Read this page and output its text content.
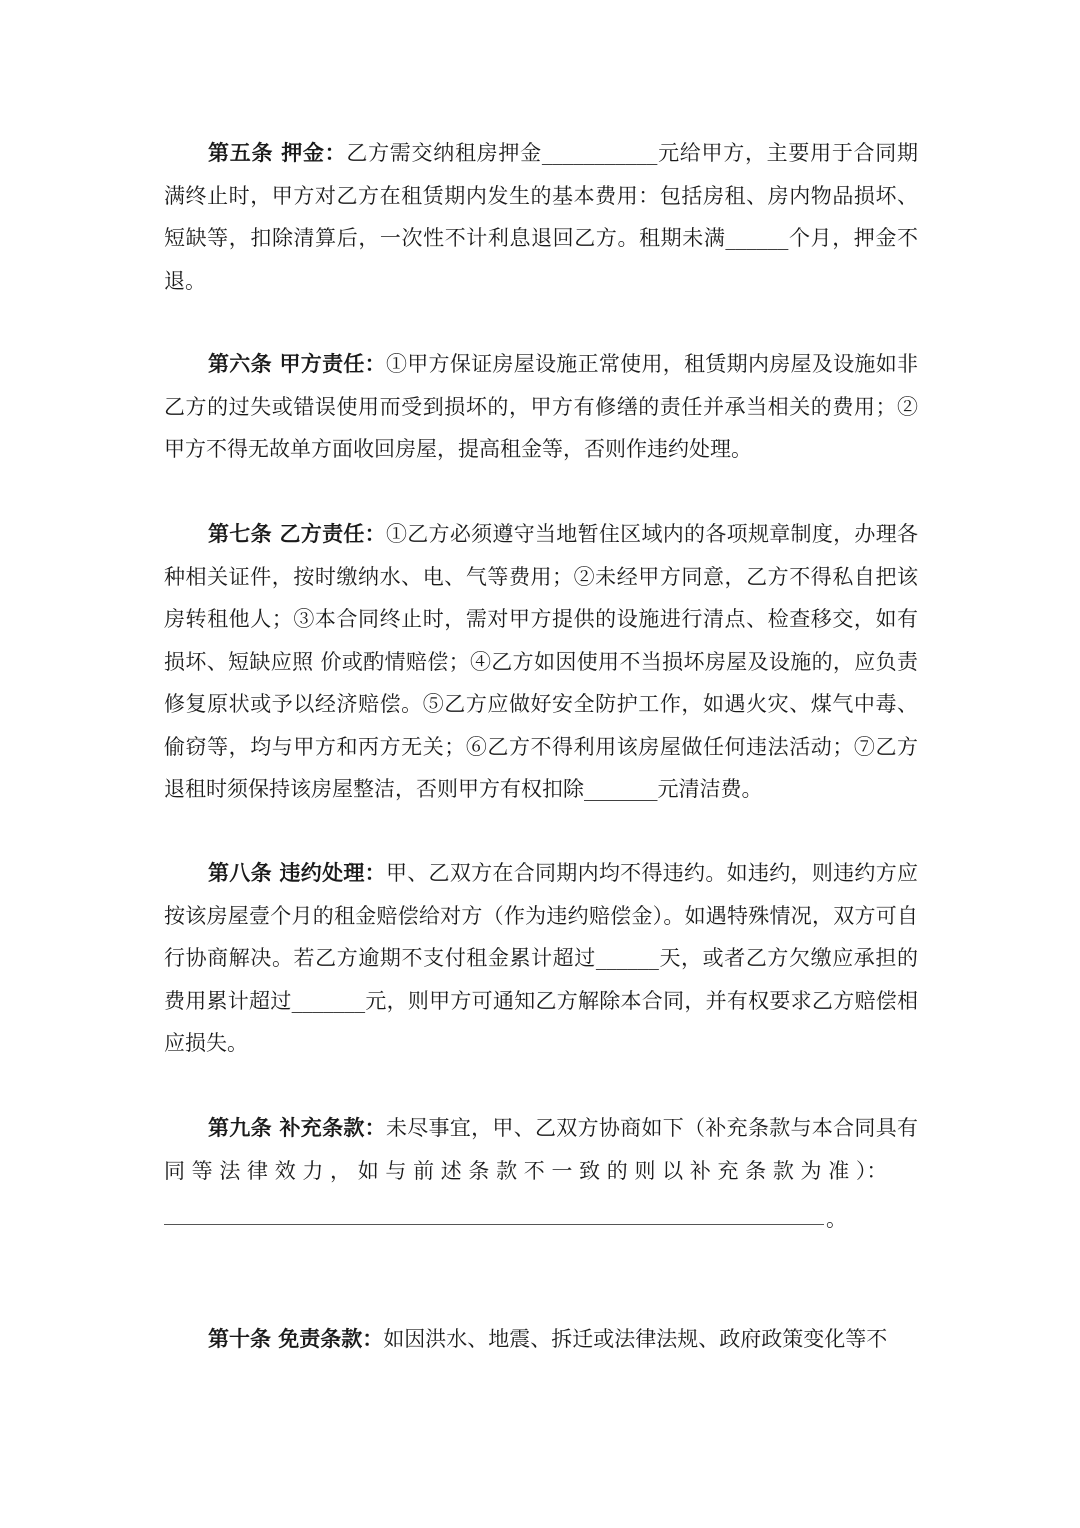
第五条 押金：乙方需交纳租房押金___________元给甲方，主要用于合同期满终止时，甲方对乙方在租赁期内发生的基本费用：包括房租、房内物品损坏、短缺等，扣除清算后，一次性不计利息退回乙方。租期未满______个月，押金不退。

第六条 甲方责任：①甲方保证房屋设施正常使用，租赁期内房屋及设施如非乙方的过失或错误使用而受到损坏的，甲方有修缮的责任并承当相关的费用；②甲方不得无故单方面收回房屋，提高租金等，否则作违约处理。

第七条 乙方责任：①乙方必须遵守当地暂住区域内的各项规章制度，办理各种相关证件，按时缴纳水、电、气等费用；②未经甲方同意，乙方不得私自把该房转租他人；③本合同终止时，需对甲方提供的设施进行清点、检查移交，如有损坏、短缺应照 价或酌情赔偿；④乙方如因使用不当损坏房屋及设施的，应负责修复原状或予以经济赔偿。⑤乙方应做好安全防护工作，如遇火灾、煤气中毒、偷窃等，均与甲方和丙方无关；⑥乙方不得利用该房屋做任何违法活动；⑦乙方退租时须保持该房屋整洁，否则甲方有权扣除_______元清洁费。

第八条 违约处理：甲、乙双方在合同期内均不得违约。如违约，则违约方应按该房屋壹个月的租金赔偿给对方（作为违约赔偿金）。如遇特殊情况，双方可自行协商解决。若乙方逾期不支付租金累计超过______天，或者乙方欠缴应承担的费用累计超过_______元，则甲方可通知乙方解除本合同，并有权要求乙方赔偿相应损失。

第九条 补充条款：未尽事宜，甲、乙双方协商如下（补充条款与本合同具有 同 等 法 律 效 力 ， 如 与 前 述 条 款 不 一 致 的 则 以 补 充 条 款 为 准 ）：

。

第十条 免责条款：如因洪水、地震、拆迁或法律法规、政府政策变化等不
